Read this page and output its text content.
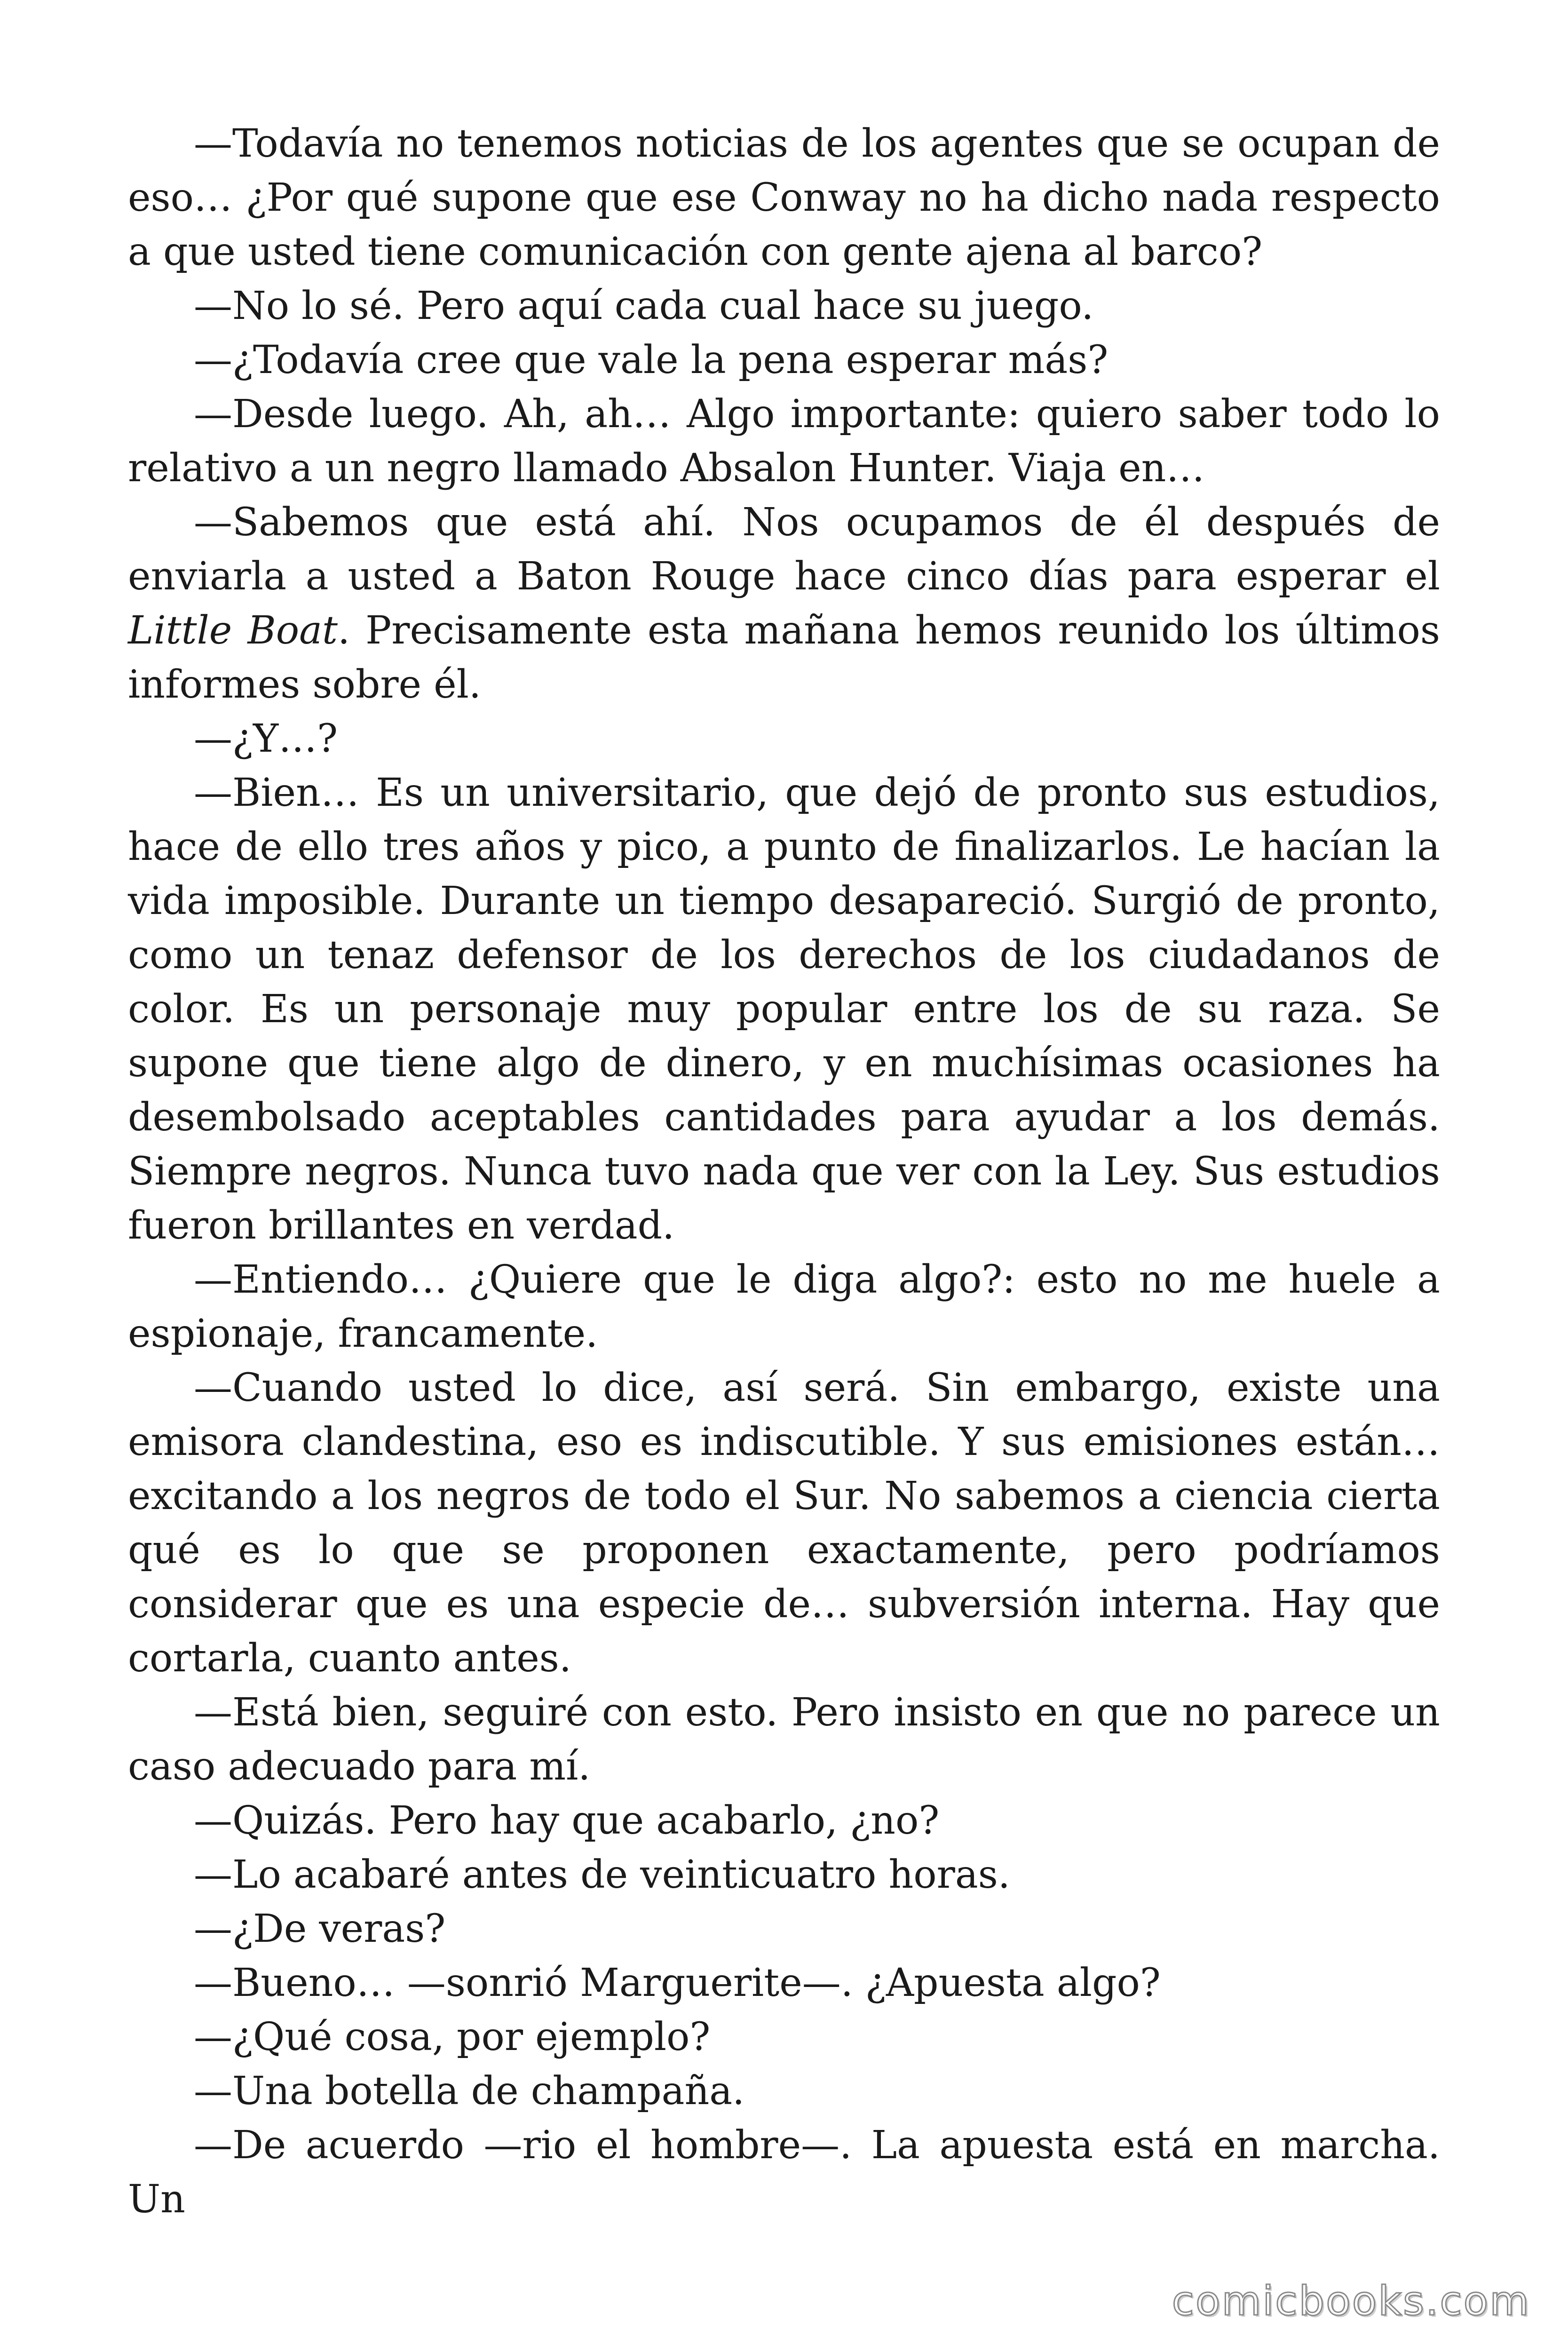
—Todavía no tenemos noticias de los agentes que se ocupan de eso… ¿Por qué supone que ese Conway no ha dicho nada respecto a que usted tiene comunicación con gente ajena al barco?

—No lo sé. Pero aquí cada cual hace su juego.

—¿Todavía cree que vale la pena esperar más?

—Desde luego. Ah, ah… Algo importante: quiero saber todo lo relativo a un negro llamado Absalon Hunter. Viaja en…

—Sabemos que está ahí. Nos ocupamos de él después de enviarla a usted a Baton Rouge hace cinco días para esperar el Little Boat. Precisamente esta mañana hemos reunido los últimos informes sobre él.

—¿Y…?

—Bien… Es un universitario, que dejó de pronto sus estudios, hace de ello tres años y pico, a punto de finalizarlos. Le hacían la vida imposible. Durante un tiempo desapareció. Surgió de pronto, como un tenaz defensor de los derechos de los ciudadanos de color. Es un personaje muy popular entre los de su raza. Se supone que tiene algo de dinero, y en muchísimas ocasiones ha desembolsado aceptables cantidades para ayudar a los demás. Siempre negros. Nunca tuvo nada que ver con la Ley. Sus estudios fueron brillantes en verdad.

—Entiendo… ¿Quiere que le diga algo?: esto no me huele a espionaje, francamente.

—Cuando usted lo dice, así será. Sin embargo, existe una emisora clandestina, eso es indiscutible. Y sus emisiones están… excitando a los negros de todo el Sur. No sabemos a ciencia cierta qué es lo que se proponen exactamente, pero podríamos considerar que es una especie de… subversión interna. Hay que cortarla, cuanto antes.

—Está bien, seguiré con esto. Pero insisto en que no parece un caso adecuado para mí.

—Quizás. Pero hay que acabarlo, ¿no?

—Lo acabaré antes de veinticuatro horas.

—¿De veras?

—Bueno… —sonrió Marguerite—. ¿Apuesta algo?

—¿Qué cosa, por ejemplo?

—Una botella de champaña.

—De acuerdo —rio el hombre—. La apuesta está en marcha. Un

comicbooks.com
